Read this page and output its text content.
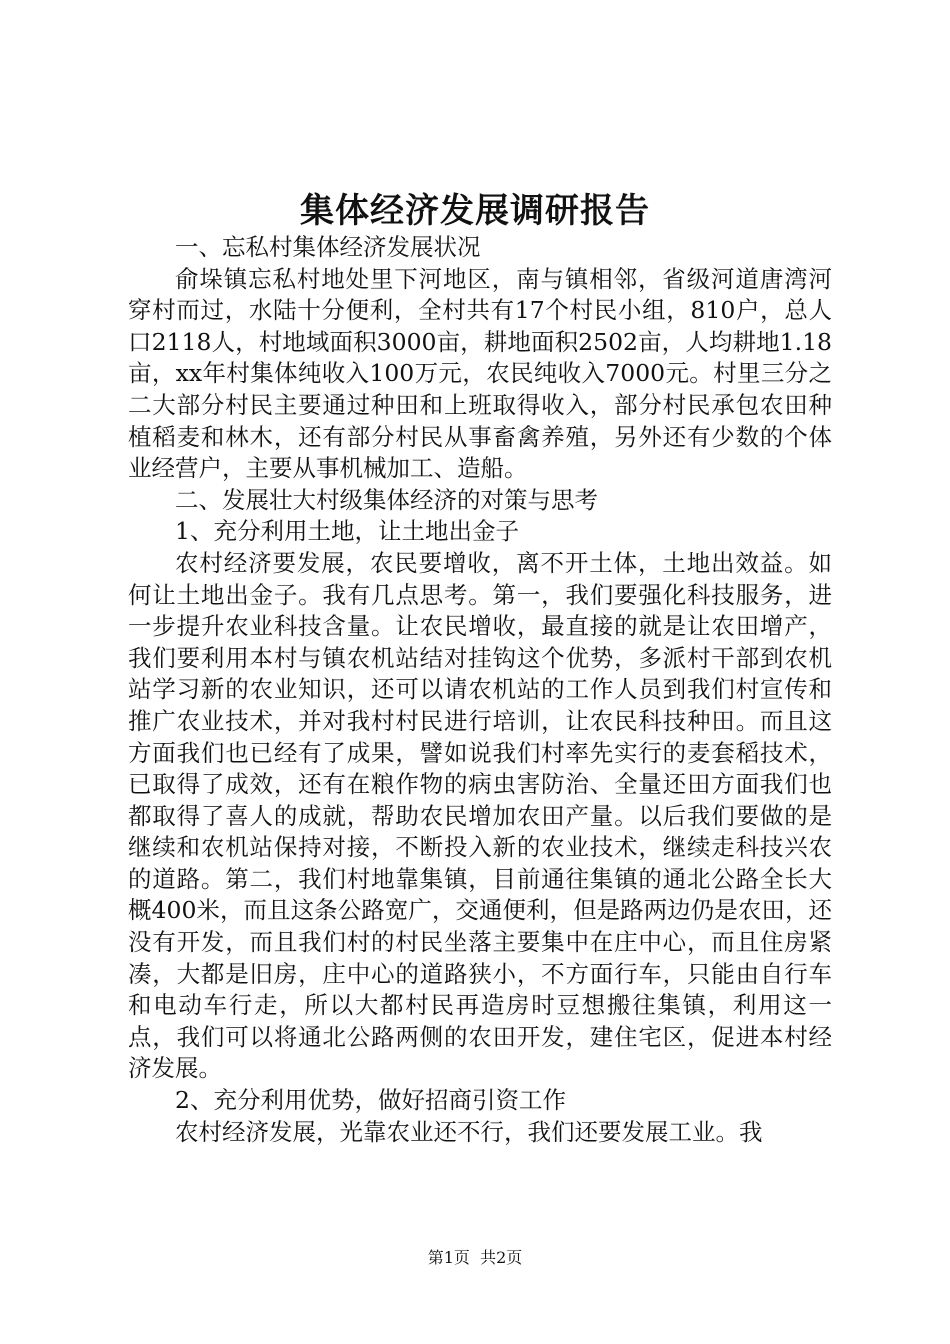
集体经济发展调研报告

一、忘私村集体经济发展状况

俞垛镇忘私村地处里下河地区，南与镇相邻，省级河道唐湾河穿村而过，水陆十分便利，全村共有17个村民小组，810户，总人口2118人，村地域面积3000亩，耕地面积2502亩，人均耕地1.18亩，xx年村集体纯收入100万元，农民纯收入7000元。村里三分之二大部分村民主要通过种田和上班取得收入，部分村民承包农田种植稻麦和林木，还有部分村民从事畜禽养殖，另外还有少数的个体业经营户，主要从事机械加工、造船。

二、发展壮大村级集体经济的对策与思考

1、充分利用土地，让土地出金子

农村经济要发展，农民要增收，离不开土体，土地出效益。如何让土地出金子。我有几点思考。第一，我们要强化科技服务，进一步提升农业科技含量。让农民增收，最直接的就是让农田增产，我们要利用本村与镇农机站结对挂钩这个优势，多派村干部到农机站学习新的农业知识，还可以请农机站的工作人员到我们村宣传和推广农业技术，并对我村村民进行培训，让农民科技种田。而且这方面我们也已经有了成果，譬如说我们村率先实行的麦套稻技术，已取得了成效，还有在粮作物的病虫害防治、全量还田方面我们也都取得了喜人的成就，帮助农民增加农田产量。以后我们要做的是继续和农机站保持对接，不断投入新的农业技术，继续走科技兴农的道路。第二，我们村地靠集镇，目前通往集镇的通北公路全长大概400米，而且这条公路宽广，交通便利，但是路两边仍是农田，还没有开发，而且我们村的村民坐落主要集中在庄中心，而且住房紧凑，大都是旧房，庄中心的道路狭小，不方面行车，只能由自行车和电动车行走，所以大都村民再造房时豆想搬往集镇，利用这一点，我们可以将通北公路两侧的农田开发，建住宅区，促进本村经济发展。

2、充分利用优势，做好招商引资工作

农村经济发展，光靠农业还不行，我们还要发展工业。我

第1页 共2页
